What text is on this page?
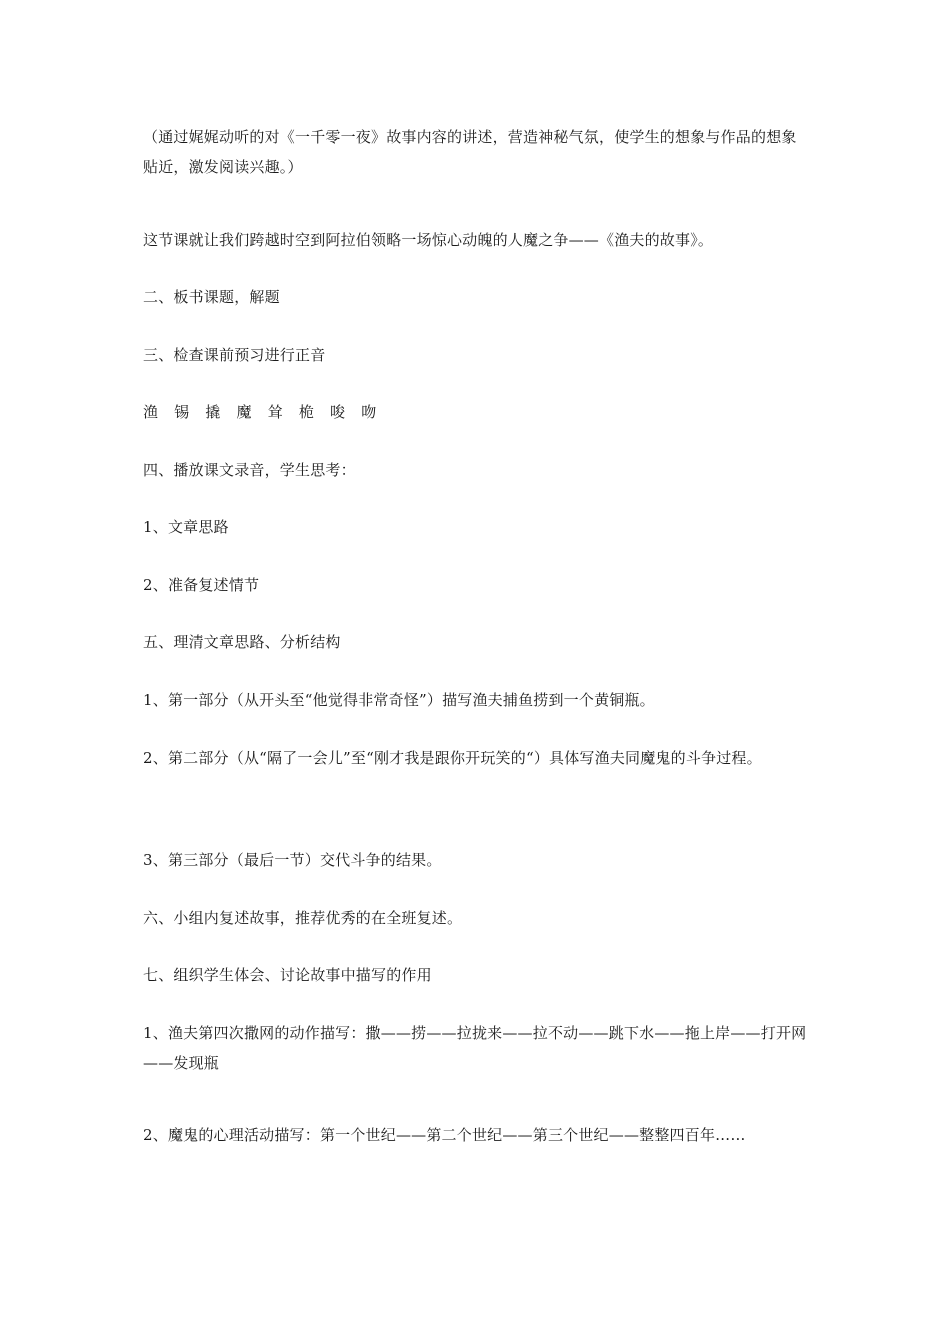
（通过娓娓动听的对《一千零一夜》故事内容的讲述，营造神秘气氛，使学生的想象与作品的想象贴近，激发阅读兴趣。）

这节课就让我们跨越时空到阿拉伯领略一场惊心动魄的人魔之争——《渔夫的故事》。

二、板书课题，解题

三、检查课前预习进行正音

渔 锡 撬 魔 耸 桅 唆 吻

四、播放课文录音，学生思考：

1、文章思路

2、准备复述情节

五、理清文章思路、分析结构

1、第一部分（从开头至“他觉得非常奇怪”）描写渔夫捕鱼捞到一个黄铜瓶。

2、第二部分（从“隔了一会儿”至“刚才我是跟你开玩笑的“）具体写渔夫同魔鬼的斗争过程。

3、第三部分（最后一节）交代斗争的结果。

六、小组内复述故事，推荐优秀的在全班复述。

七、组织学生体会、讨论故事中描写的作用

1、渔夫第四次撒网的动作描写：撒——捞——拉拢来——拉不动——跳下水——拖上岸——打开网——发现瓶

2、魔鬼的心理活动描写：第一个世纪——第二个世纪——第三个世纪——整整四百年……
